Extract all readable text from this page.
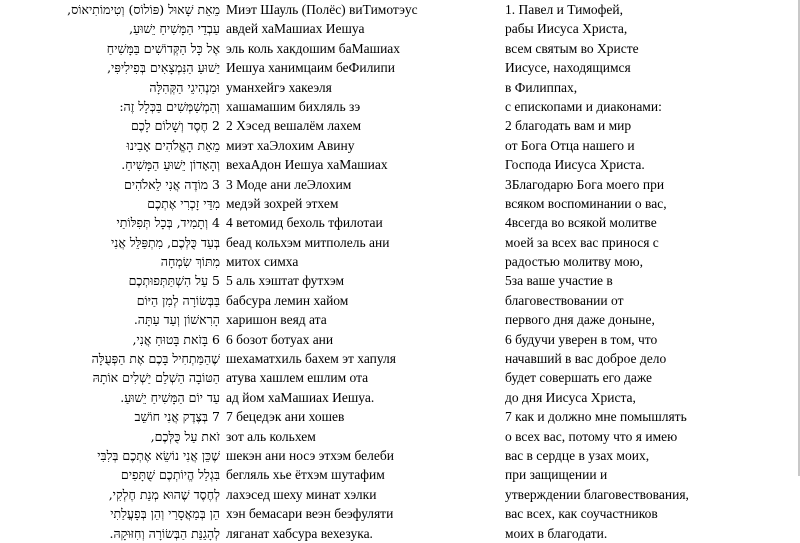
מֵאֵת שָׁאוּל (פּוֹלוֹס) וְטִימוֹתִיאוֹס,
עַבְדֵי הַמָּשִׁיחַ יֵשׁוּעַ,
אֶל כָּל הַקְּדוֹשִׁים בַּמָּשִׁיחַ
יֵשׁוּעַ הַנִּמְצָאִים בְּפִילִיפִּי,
וּמַנְהִיגֵי הַקְּהִלָּה
וְהַמְשַׁמְּשִׁים בַּכְּלָל זֶה:
2 חֶסֶד וְשָׁלוֹם לָכֶם
מֵאֵת הָאֱלֹהִים אָבִינוּ
וְהָאָדוֹן יֵשׁוּעַ הַמָּשִׁיחַ.
3 מוֹדֶה אֲנִי לֵאלֹהִים
מִדֵּי זָכְרִי אֶתְכֶם
4 וְתָמִיד, בְּכָל תְּפִלּוֹתַי
בְּעַד כֻּלְּכֶם, מִתְפַּלֵּל אֲנִי
מִתּוֹךְ שִׂמְחָה
5 עַל הִשְׁתַּתְּפוּתְכֶם
בַּבְּשׂוֹרָה לְמִן הַיּוֹם
הָרִאשׁוֹן וְעַד עַתָּה.
6 בָּזֹאת בָּטוּחַ אֲנִי,
שֶׁהַמַּתְחִיל בָּכֶם אֶת הַפְּעֻלָּה
הַטּוֹבָה הַשְׁלֵם יַשְׁלִים אוֹתָהּ
עַד יוֹם הַמָּשִׁיחַ יֵשׁוּעַ.
7 בְּצֶדֶק אֲנִי חוֹשֵׁב
זֹאת עַל כֻּלְּכֶם,
שֶׁכֵּן אֲנִי נוֹשֵׂא אֶתְכֶם בְּלִבִּי
בִּגְלַל הֱיוֹתְכֶם שֻׁתָּפִים
לְחֶסֶד שֶׁהוּא מְנַת חֶלְקִי,
הֵן בְּמַאֲסָרַי וְהֵן בְּפָעֳלַתִי
לְהָגֵנַּת הַבְּשׂוֹרָה וְחִזּוּקָהּ.
Миэт Шауль (Полёс) виТимотэус
авдей хаМашиах Иешуа
эль коль хакдошим баМашиах
Иешуа ханимцаим беФилипи
уманхейгэ хакеэля
хашамашим бихляль зэ
2 Хэсед вешалём лахем
миэт хаЭлохим Авину
вехаАдон Иешуа хаМашиах
3 Моде ани леЭлохим
медэй зохрей этхем
4 ветомид бехоль тфилотаи
беад кольхэм митполель ани
митох симха
5 аль хэштат футхэм
бабсура лемин хайом
харишон веяд ата
6 бозот ботуах ани
шехаматхиль бахем эт хапуля
атува хашлем ешлим ота
ад йом хаМашиах Иешуа.
7 бецедэк ани хошев
зот аль кольхем
шекэн ани носэ этхэм белеби
бегляль хье ётхэм шутафим
лахэсед шеху минат хэлки
хэн бемасари веэн беэфуляти
ляганат хабсура вехезука.
1. Павел и Тимофей,
рабы Иисуса Христа,
всем святым во Христе
Иисусе, находящимся
в Филиппах,
с епископами и диаконами:
2 благодать вам и мир
от Бога Отца нашего и
Господа Иисуса Христа.
3Благодарю Бога моего при
всяком воспоминании о вас,
4всегда во всякой молитве
моей за всех вас принося с
радостью молитву мою,
5за ваше участие в
благовествовании от
первого дня даже доныне,
6 будучи уверен в том, что
начавший в вас доброе дело
будет совершать его даже
до дня Иисуса Христа,
7 как и должно мне помышлять
о всех вас, потому что я имею
вас в сердце в узах моих,
при защищении и
утверждении благовествования,
вас всех, как соучастников
моих в благодати.
